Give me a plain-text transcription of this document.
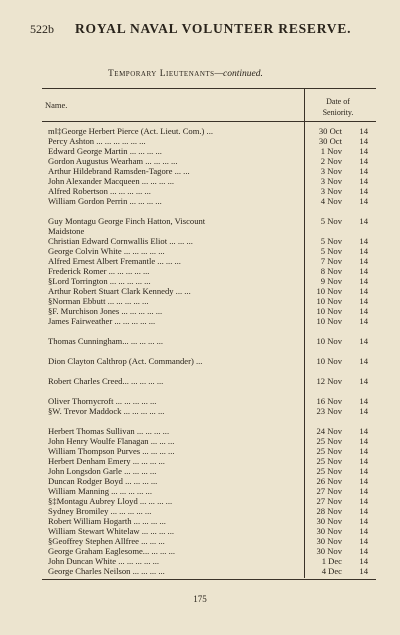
522b ROYAL NAVAL VOLUNTEER RESERVE.
Temporary Lieutenants—continued.
Name.	Date of
Seniority.
m‖‡George Herbert Pierce (Act. Lieut. Com.) ...	30 Oct	14
Percy Ashton ... ... ... ... ... ...	30 Oct	14
Edward George Martin ... ... ... ...	1 Nov	14
Gordon Augustus Wearham ... ... ... ...	2 Nov	14
Arthur Hildebrand Ramsden-Tagore ... ...	3 Nov	14
John Alexander Macqueen ... ... ... ...	3 Nov	14
Alfred Robertson ... ... ... ... ...	3 Nov	14
William Gordon Perrin ... ... ... ...	4 Nov	14
Guy Montagu George Finch Hatton, Viscount	5 Nov	14
Maidstone
Christian Edward Cornwallis Eliot ... ... ...	5 Nov	14
George Colvin White ... ... ... ... ...	5 Nov	14
Alfred Ernest Albert Fremantle ... ... ...	7 Nov	14
Frederick Romer ... ... ... ... ...	8 Nov	14
§Lord Torrington ... ... ... ... ...	9 Nov	14
Arthur Robert Stuart Clark Kennedy ... ...	10 Nov	14
§Norman Ebbutt ... ... ... ... ...	10 Nov	14
§F. Murchison Jones ... ... ... ... ...	10 Nov	14
James Fairweather ... ... ... ... ...	10 Nov	14
Thomas Cunningham... ... ... ... ...	10 Nov	14
Dion Clayton Calthrop (Act. Commander) ...	10 Nov	14
Robert Charles Creed... ... ... ... ...	12 Nov	14
Oliver Thornycroft ... ... ... ... ...	16 Nov	14
§W. Trevor Maddock ... ... ... ... ...	23 Nov	14
Herbert Thomas Sullivan ... ... ... ...	24 Nov	14
John Henry Woulfe Flanagan ... ... ...	25 Nov	14
William Thompson Purves ... ... ... ...	25 Nov	14
Herbert Denham Emery ... ... ... ...	25 Nov	14
John Longsdon Garle ... ... ... ...	25 Nov	14
Duncan Rodger Boyd ... ... ... ...	26 Nov	14
William Manning ... ... ... ... ...	27 Nov	14
§‡Montagu Aubrey Lloyd ... ... ... ...	27 Nov	14
Sydney Bromiley ... ... ... ... ...	28 Nov	14
Robert William Hogarth ... ... ... ...	30 Nov	14
William Stewart Whitelaw ... ... ... ...	30 Nov	14
§Geoffrey Stephen Allfree ... ... ...	30 Nov	14
George Graham Eaglesome... ... ... ...	30 Nov	14
John Duncan White ... ... ... ... ...	1 Dec	14
George Charles Neilson ... ... ... ...	4 Dec	14
175
